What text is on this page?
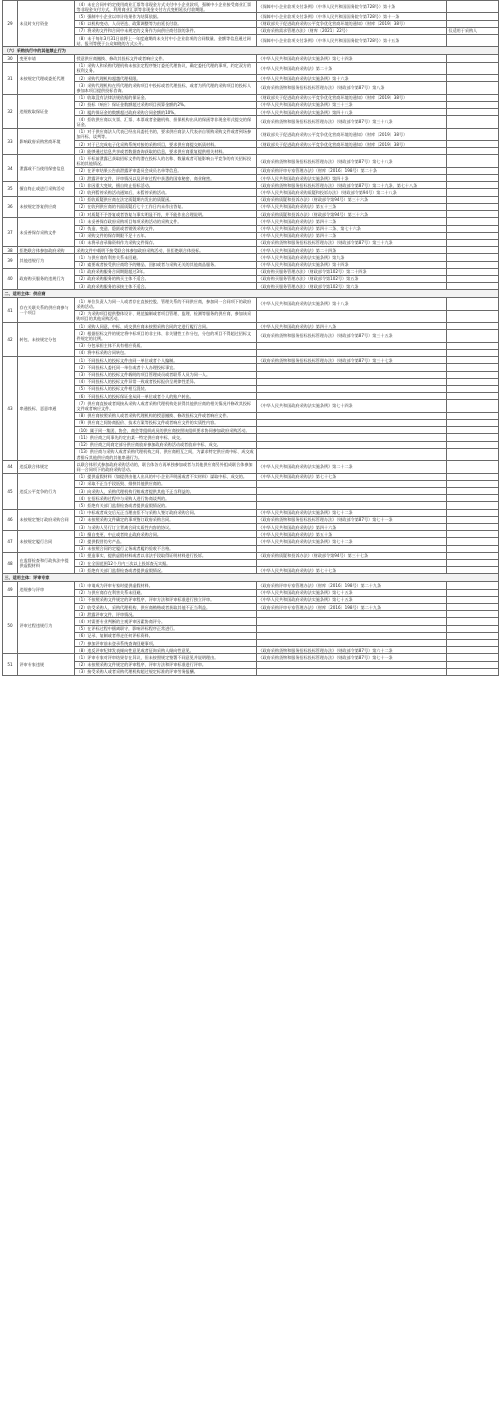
29	未及时支付资金	（4）未在合同中约定使用商业汇票等非现金方式支付中小企业款项，强制中小企业接受商业汇票等非现金支付方式，利用商业汇票等非现金支付方式变相延长付款期限。	《保障中小企业款项支付条例》（中华人民共和国国务院令第728号）第十条	
		（5）强制中小企业以审计结果作为结算依据。	《保障中小企业款项支付条例》（中华人民共和国国务院令第728号）第十一条	
		（6）以机构变动、人员更迭、政策调整等为由延长付款。	《财政部关于促进政府采购公平竞争优化营商环境的通知》（财库〔2019〕38号）	
		（7）将采购文件和合同中未规定的义务作为向供应商付款的条件。	《政府采购需求管理办法》（财库〔2021〕22号）	仅适用于采购人
		（8）未于每年3月31日前将上一年度逾期尚未支付中小企业款项的合同数量、金额等信息通过网站、报刊等便于公众知晓的方式公开。	《保障中小企业款项支付条例》（中华人民共和国国务院令第728号）第十五条	
（六）采购执行中的其他禁止行为				
30	变更申请	授意供应商撤换、修改其投标文件或者响应文件。	《中华人民共和国政府采购法实施条例》第七十四条	
31	未按规定代理或委托代理	（1）采购人和采购代理机构未按法定程序签订委托代理协议，确定委托代理的事项，约定双方的权利义务。	《中华人民共和国政府采购法》第二十条	
		（2）采购代理机构超越代理权限。	《中华人民共和国政府采购法实施条例》第十六条	
		（3）采购代理机构在所代理的采购项目中投标或者代理投标，或者为所代理的采购项目的投标人参加本项目提供投标咨询。	《政府采购货物和服务招标投标管理办法》（财政部令第87号）第八条	
32	违规收取保证金	（1）收取没有法律法规依据的保证金。	《财政部关于促进政府采购公平竞争优化营商环境的通知》（财库〔2019〕38号）	
		（2）投标（响应）保证金数额超过采购项目预算金额的2%。	《中华人民共和国政府采购法实施条例》第三十三条	
		（3）履约保证金的数额超过政府采购合同金额的10%。	《中华人民共和国政府采购法实施条例》第四十八条	
		（4）拒收供应商以支票、汇票、本票或者金融机构、担保机构出具的保函等非现金形式提交的保证金。	《政府采购货物和服务招标投标管理办法》（财政部令第87号）第三十八条	
33	影响政府采购营商环境	（1）对于供应商法人代表已经出具委托书的，要求供应商法人代表亲自领购采购文件或者到场参加开标、谈判等。	《财政部关于促进政府采购公平竞争优化营商环境的通知》（财库〔2019〕38号）	
		（2）对于已完成电子化采购系统对接的采购项目，要求供应商提交纸质材料。	《财政部关于促进政府采购公平竞争优化营商环境的通知》（财库〔2019〕38号）	
		（3）能够通过信息共享或者数据查询获取的信息，要求供应商重复提供相关材料。		
34	泄露或不当使用保密信息	（1）开标前泄露已获取招标文件的潜在投标人的名称、数量或者可能影响公平竞争的有关招标投标的其他情况。	《政府采购货物和服务招标投标管理办法》（财政部令第87号）第七十八条	
		（2）在评审结果公告前泄露评审委员会成员名单等信息。	《政府采购评审专家管理办法》（财库〔2016〕198号）第二十条	
		（3）泄露评审文件、评审情况以及评审过程中获悉的国家秘密、商业秘密。	《中华人民共和国政府采购法实施条例》第四十条	
35	擅自终止或进行采购活动	（1）非因重大变故，擅自终止招标活动。	《政府采购货物和服务招标投标管理办法》（财政部令第87号）第二十九条、第七十八条	
		（2）收到暂停采购活动通知后，未暂停采购活动。	《中华人民共和国政府采购质疑和投诉办法》（财政部令第94号）第二十八条	
36	未按规定答复供应商	（1）拒收质疑供应商在法定质疑期内发出的质疑函。	《政府采购质疑和投诉办法》（财政部令第94号）第三十六条	
		（2）在收到供应商的书面质疑后七个工作日内未作出答复。	《中华人民共和国政府采购法》第五十三条	
		（3）对质疑不予答复或者答复与事实明显不符，并不能作出合理说明。	《政府采购质疑和投诉办法》（财政部令第94号）第三十六条	
37	未妥善保存采购文件	（1）未妥善保存政府采购项目每项采购活动的采购文件。	《中华人民共和国政府采购法》第四十二条	
		（2）伪造、变造、隐匿或者销毁采购文件。	《中华人民共和国政府采购法》第四十二条、第七十六条	
		（3）采购文件的保存期限不足十五年。	《中华人民共和国政府采购法》第四十二条	
		（4）未将录音录像资料作为采购文件保存。	《政府采购货物和服务招标投标管理办法》（财政部令第87号）第三十九条	
38	拒绝联合体参加政府采购	采购文件中载明不接受联合体参加政府采购活动，但拒绝联合体投标。	《中华人民共和国政府采购法》第二十四条	
39	其他违规行为	（1）与供应商有利害关系未回避。	《中华人民共和国政府采购法实施条例》第九条	
		（2）索要或者接受供应商给予的赠品、回扣或者与采购无关的其他商品服务。	《中华人民共和国政府采购法实施条例》第十四条	
40	政府购买服务的违规行为	（1）政府采购服务合同期限超过3年。	《政府购买服务管理办法》（财政部令第102号）第二十四条	
		（2）政府采购服务的购买主体不适合。	《政府购买服务管理办法》（财政部令第102号）第五条	
		（3）政府采购服务的承接主体不适合。	《政府购买服务管理办法》（财政部令第102号）第六条	
二、适用主体：供应商				
41	存在关联关系的供应商参与一个项目	（1）单位负责人为同一人或者存在直接控股、管理关系的不同供应商，参加同一合同项下的政府采购活动。	《中华人民共和国政府采购法实施条例》第十八条	
		（2）为采购项目提供整体设计、规范编制或者项目管理、监理、检测等服务的供应商，参加该采购项目的其他采购活动。		
42	转包、未按规定分包	（1）采购人同意，中标、成交供应商未按照采购合同约定进行履行合同。	《中华人民共和国政府采购法》第四十八条	
		（2）根据招标文件的规定将中标项目的非主体、非关键性工作分包，分包的项目不得超过招标文件规定的比例。	《政府采购货物和服务招标投标管理办法》（财政部令第87号）第三十五条	
		（3）分包承担主体不具有相应资质。		
		（4）将中标采购合同转包。		
43	串通投标、恶意串通	（1）不同投标人的投标文件由同一单位或者个人编制。	《政府采购货物和服务招标投标管理办法》（财政部令第87号）第三十七条	
		（2）不同投标人委托同一单位或者个人办理投标事宜。		
		（3）不同投标人的投标文件载明的项目管理成员或者联系人员为同一人。		
		（4）不同投标人的投标文件异常一致或者投标报价呈规律性差异。		
		（5）不同投标人的投标文件相互混装。		
		（6）不同投标人的投标保证金从同一单位或者个人的账户转出。		
		（7）供应商直接或者间接从采购人或者采购代理机构处获得其他供应商的相关情况并修改其投标文件或者响应文件。	《中华人民共和国政府采购法实施条例》第七十四条	
		（8）供应商按照采购人或者采购代理机构的授意撤换、修改投标文件或者响应文件。		
		（9）供应商之间协商报价、技术方案等投标文件或者响应文件的实质性内容。		
		（10）属于同一集团、协会、商会等组织成员的供应商按照该组织要求协同参加政府采购活动。		
		（11）供应商之间事先约定由某一特定供应商中标、成交。		
		（12）供应商之间商定部分供应商放弃参加政府采购活动或者放弃中标、成交。		
		（13）供应商与采购人或者采购代理机构之间、供应商相互之间，为谋求特定供应商中标、成交或者排斥其他供应商的其他串通行为。		
44	违反联合体规定	以联合体形式参加政府采购活动的，联合体各方再单独参加或者与其他供应商另外组成联合体参加同一合同项下的政府采购活动。	《中华人民共和国政府采购法实施条例》第二十二条	
45	违反公平竞争的行为	（1）提供虚假材料（如提供由他人出具的中小企业声明函或者不实材料）谋取中标、成交的。	《中华人民共和国政府采购法》第七十七条	
		（2）采取不正当手段诋毁、排挤其他供应商的。		
		（3）向采购人、采购代理机构行贿或者提供其他不正当利益的。		
		（4）在招标采购过程中与采购人进行协商谈判的。		
		（5）拒绝有关部门监督检查或者提供虚假情况的。		
46	未按规定签订政府采购合同	（1）中标或者成交后无正当理由拒不与采购人签订政府采购合同。	《中华人民共和国政府采购法实施条例》第七十二条	
		（2）未按照采购文件确定的事项签订政府采购合同。	《政府采购货物和服务招标投标管理办法》（财政部令第87号）第七十一条	
		（3）与采购人另行订立背离合同实质性内容的协议。	《中华人民共和国政府采购法》第四十六条	
47	未按规定履行合同	（1）擅自变更、中止或者终止政府采购合同。	《中华人民共和国政府采购法》第五十条	
		（2）提供假冒伪劣产品。	《中华人民共和国政府采购法实施条例》第七十二条	
		（3）未按照合同约定履行义务或者履约验收不合格。		
48	在监督检查和行政执法中提供虚假材料	（1）捏造事实、提供虚假材料或者以非法手段取得证明材料进行投诉。	《政府采购质疑和投诉办法》（财政部令第94号）第三十七条	
		（2）在全国范围12个月内三次以上投诉查无实据。		
		（3）拒绝有关部门监督检查或者提供虚假情况。	《中华人民共和国政府采购法》第七十七条	
三、适用主体：评审专家				
49	违规参与评审	（1）申请成为评审专家时提供虚假材料。	《政府采购评审专家管理办法》（财库〔2016〕198号）第二十九条	
		（2）与供应商存在利害关系未回避。	《中华人民共和国政府采购法实施条例》第七十五条	
50	评审过程违规行为	（1）不按照采购文件规定的评审程序、评审方法和评审标准进行独立评审。	《中华人民共和国政府采购法实施条例》第七十五条	
		（2）收受采购人、采购代理机构、供应商贿赂或者获取其他不正当利益。	《政府采购评审专家管理办法》（财库〔2016〕198号）第二十九条	
		（3）泄露评审文件、评审情况。		
		（4）对需要专业判断的主观评审因素协商评分。		
		（5）在评标过程中擅离职守，影响评标程序正常进行。		
		（6）记录、复制或者带走任何评标资料。		
		（7）参加评审前未登录系统查询回避事项。		
		（8）违反评审纪律发表倾向性意见或者征询采购人倾向性意见。	《政府采购货物和服务招标投标管理办法》（财政部令第87号）第六十二条	
51	评审专家违规	（1）评审专家对评审结果存在异议，但未按照规定签署不同意见并说明理由。	《政府采购货物和服务招标投标管理办法》（财政部令第87号）第七十一条	
		（2）未按照采购文件规定的评审程序、评审方法和评审标准进行评审。		
		（3）接受采购人或者采购代理机构超过规定标准的评审劳务报酬。		
